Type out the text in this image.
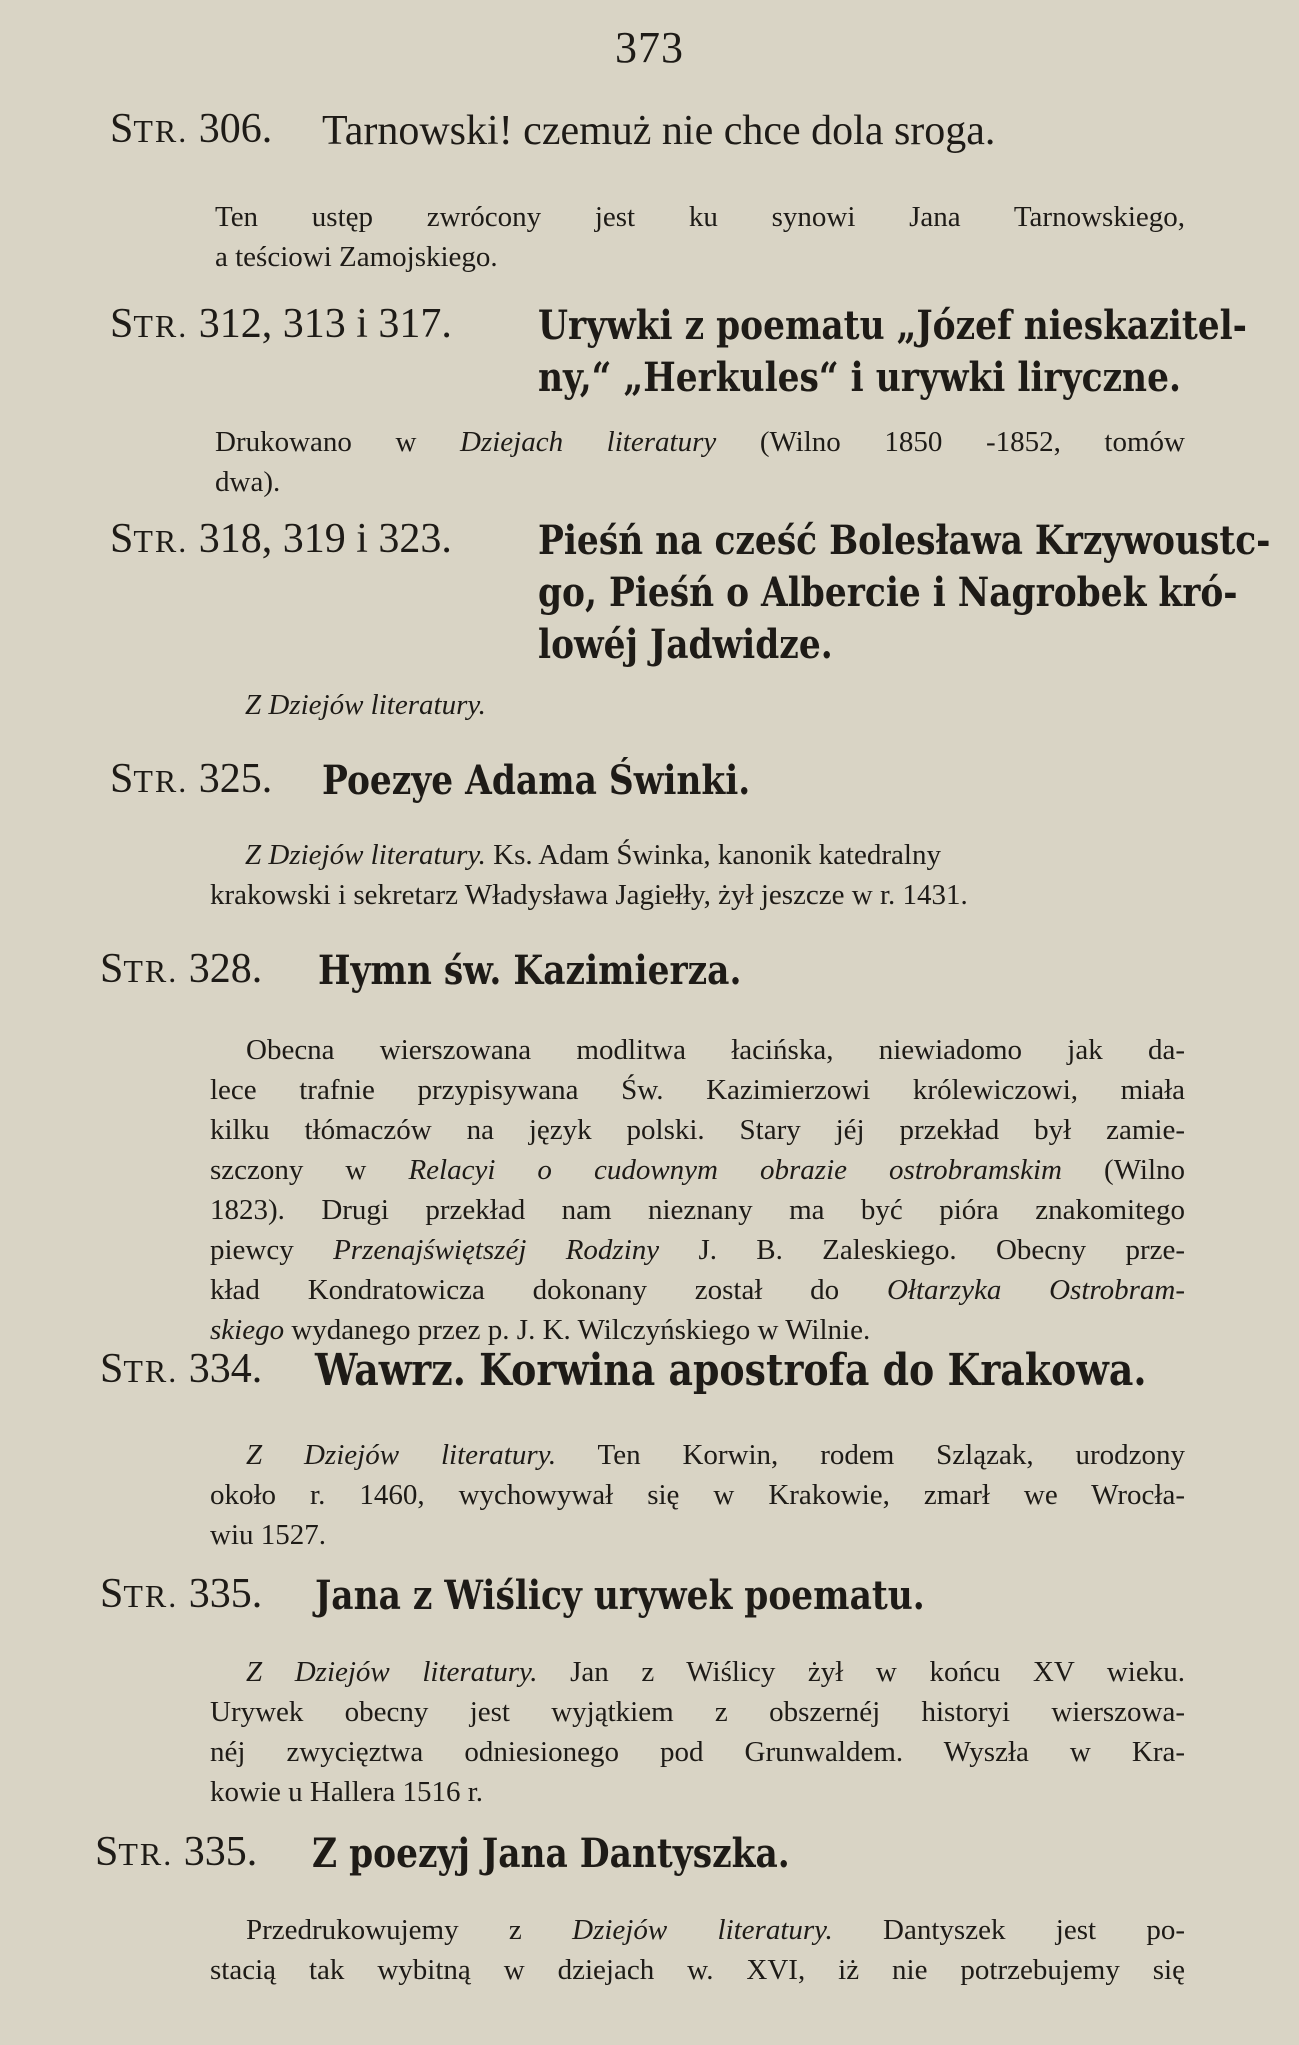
373
STR. 306. Tarnowski! czemuż nie chce dola sroga.
Ten ustęp zwrócony jest ku synowi Jana Tarnowskiego,
a teściowi Zamojskiego.
STR. 312, 313 i 317. Urywki z poematu „Józef nieskazitel-
ny,“ „Herkules“ i urywki liryczne.
Drukowano w Dziejach literatury (Wilno 1850 -1852, tomów
dwa).
STR. 318, 319 i 323. Pieśń na cześć Bolesława Krzywoustc-
go, Pieśń o Albercie i Nagrobek kró-
lowéj Jadwidze.
Z Dziejów literatury.
STR. 325. Poezye Adama Świnki.
Z Dziejów literatury. Ks. Adam Świnka, kanonik katedralny
krakowski i sekretarz Władysława Jagiełły, żył jeszcze w r. 1431.
STR. 328. Hymn św. Kazimierza.
Obecna wierszowana modlitwa łacińska, niewiadomo jak da-
lece trafnie przypisywana Św. Kazimierzowi królewiczowi, miała
kilku tłómaczów na język polski. Stary jéj przekład był zamie-
szczony w Relacyi o cudownym obrazie ostrobramskim (Wilno
1823). Drugi przekład nam nieznany ma być pióra znakomitego
piewcy Przenajświętszéj Rodziny J. B. Zaleskiego. Obecny prze-
kład Kondratowicza dokonany został do Ołtarzyka Ostrobram-
skiego wydanego przez p. J. K. Wilczyńskiego w Wilnie.
STR. 334. Wawrz. Korwina apostrofa do Krakowa.
Z Dziejów literatury. Ten Korwin, rodem Szlązak, urodzony
około r. 1460, wychowywał się w Krakowie, zmarł we Wrocła-
wiu 1527.
STR. 335. Jana z Wiślicy urywek poematu.
Z Dziejów literatury. Jan z Wiślicy żył w końcu XV wieku.
Urywek obecny jest wyjątkiem z obszernéj historyi wierszowa-
néj zwycięztwa odniesionego pod Grunwaldem. Wyszła w Kra-
kowie u Hallera 1516 r.
STR. 335. Z poezyj Jana Dantyszka.
Przedrukowujemy z Dziejów literatury. Dantyszek jest po-
stacią tak wybitną w dziejach w. XVI, iż nie potrzebujemy się
